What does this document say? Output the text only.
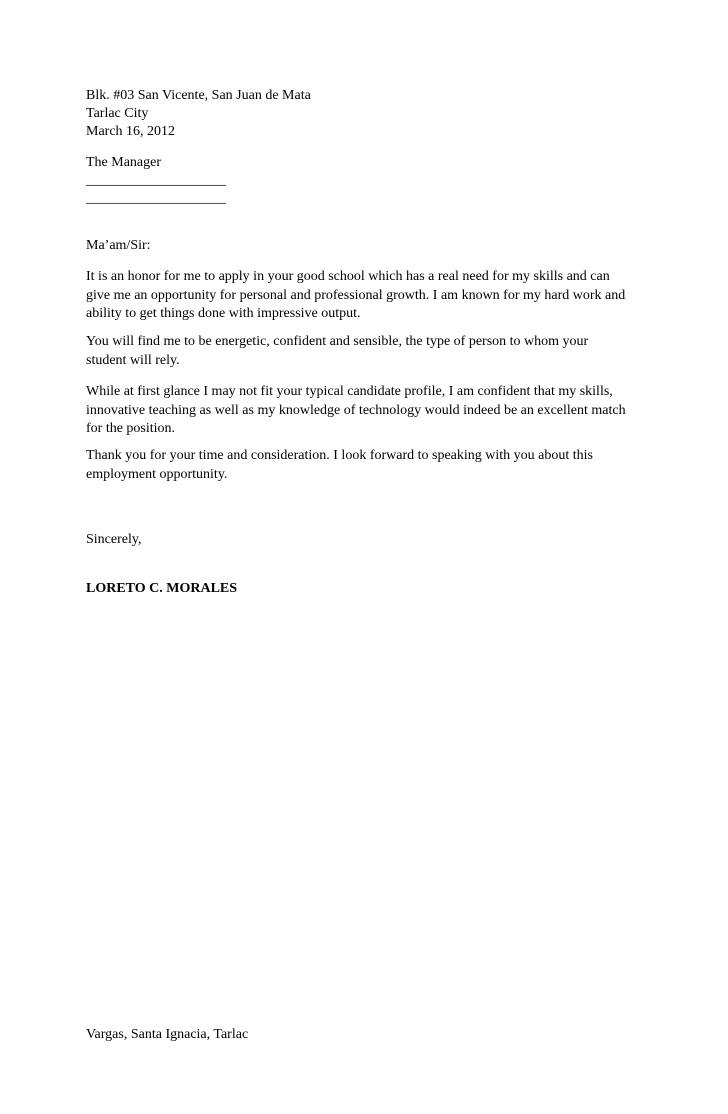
Blk. #03 San Vicente, San Juan de Mata
Tarlac City
March 16, 2012
The Manager
____________________
____________________
Ma’am/Sir:
It is an honor for me to apply in your good school which has a real need for my skills and can
give me an opportunity for personal and professional growth. I am known for my hard work and
ability to get things done with impressive output.
You will find me to be energetic, confident and sensible, the type of person to whom your
student will rely.
While at first glance I may not fit your typical candidate profile, I am confident that my skills,
innovative teaching as well as my knowledge of technology would indeed be an excellent match
for the position.
Thank you for your time and consideration. I look forward to speaking with you about this
employment opportunity.
Sincerely,
LORETO C. MORALES
Vargas, Santa Ignacia, Tarlac
